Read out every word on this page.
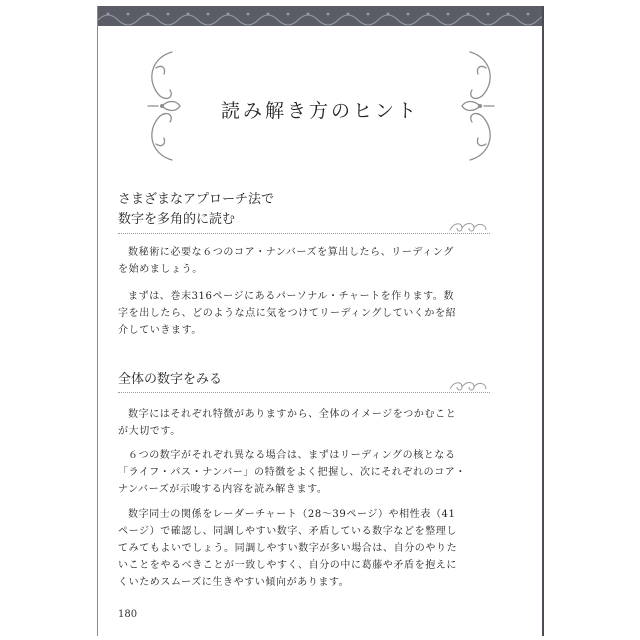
読み解き方のヒント
さまざまなアプローチ法で
数字を多角的に読む
数秘術に必要な６つのコア・ナンバーズを算出したら、リーディング
を始めましょう。
まずは、巻末316ページにあるパーソナル・チャートを作ります。数
字を出したら、どのような点に気をつけてリーディングしていくかを紹
介していきます。
全体の数字をみる
数字にはそれぞれ特徴がありますから、全体のイメージをつかむこと
が大切です。
６つの数字がそれぞれ異なる場合は、まずはリーディングの核となる
「ライフ・パス・ナンバー」の特徴をよく把握し、次にそれぞれのコア・
ナンバーズが示唆する内容を読み解きます。
数字同士の関係をレーダーチャート（28～39ページ）や相性表（41
ページ）で確認し、同調しやすい数字、矛盾している数字などを整理し
てみてもよいでしょう。同調しやすい数字が多い場合は、自分のやりた
いことをやるべきことが一致しやすく、自分の中に葛藤や矛盾を抱えに
くいためスムーズに生きやすい傾向があります。
180
